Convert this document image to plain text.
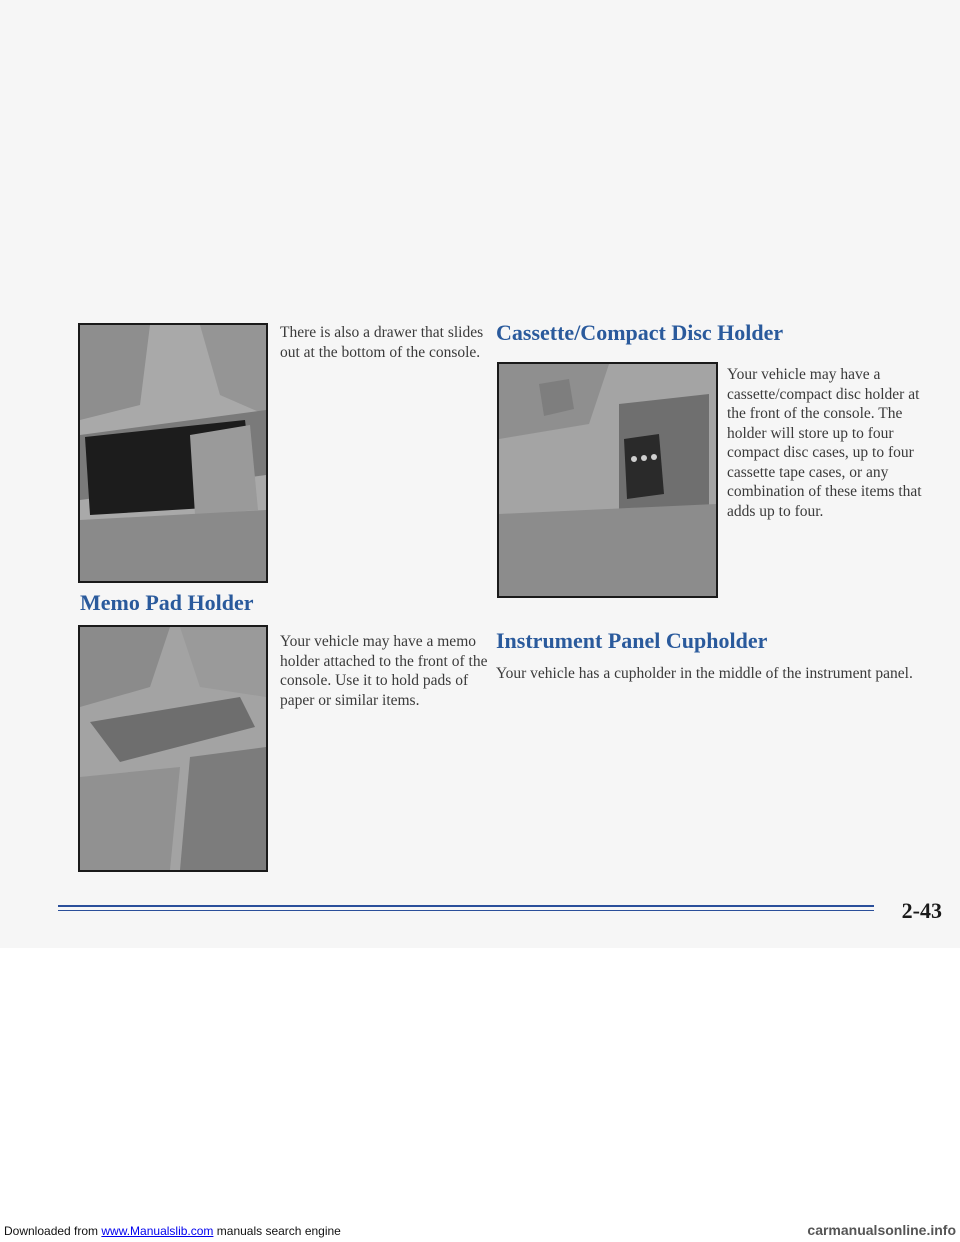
There is also a drawer that slides out at the bottom of the console.

Memo Pad Holder

Your vehicle may have a memo holder attached to the front of the console. Use it to hold pads of paper or similar items.

Cassette/Compact Disc Holder

Your vehicle may have a cassette/compact disc holder at the front of the console. The holder will store up to four compact disc cases, up to four cassette tape cases, or any combination of these items that adds up to four.

Instrument Panel Cupholder

Your vehicle has a cupholder in the middle of the instrument panel.

2-43
Downloaded from www.Manualslib.com manuals search engine	carmanualsonline.info
